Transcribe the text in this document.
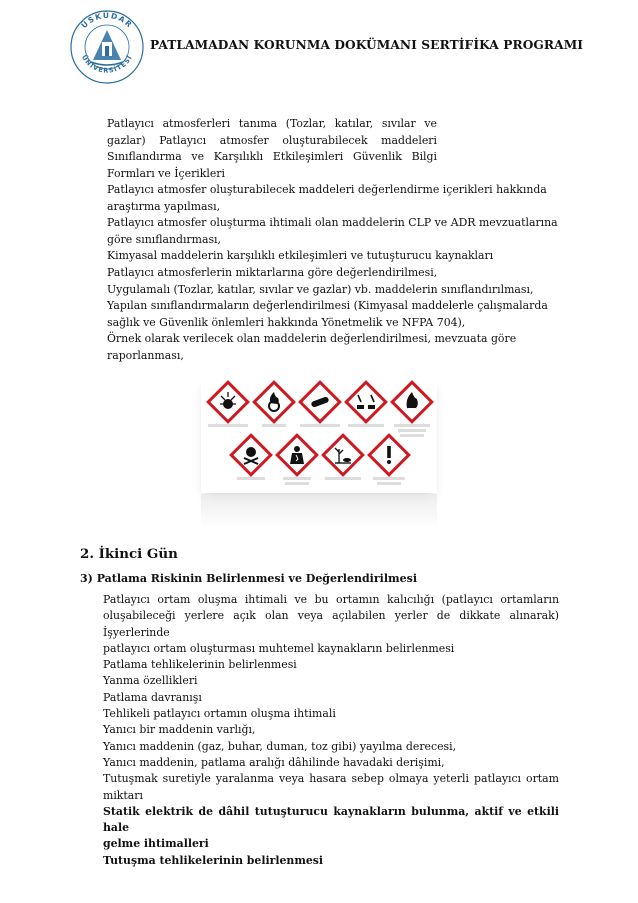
ÜSKÜDAR
ÜNİVERSİTESİ
PATLAMADAN KORUNMA DOKÜMANI SERTİFİKA PROGRAMI
Patlayıcı atmosferleri tanıma (Tozlar, katılar, sıvılar ve
gazlar) Patlayıcı atmosfer oluşturabilecek maddeleri
Sınıflandırma ve Karşılıklı Etkileşimleri Güvenlik Bilgi
Formları ve İçerikleri
Patlayıcı atmosfer oluşturabilecek maddeleri değerlendirme içerikleri hakkında
araştırma yapılması,
Patlayıcı atmosfer oluşturma ihtimali olan maddelerin CLP ve ADR mevzuatlarına
göre sınıflandırması,
Kimyasal maddelerin karşılıklı etkileşimleri ve tutuşturucu kaynakları
Patlayıcı atmosferlerin miktarlarına göre değerlendirilmesi,
Uygulamalı (Tozlar, katılar, sıvılar ve gazlar) vb. maddelerin sınıflandırılması,
Yapılan sınıflandırmaların değerlendirilmesi (Kimyasal maddelerle çalışmalarda
sağlık ve Güvenlik önlemleri hakkında Yönetmelik ve NFPA 704),
Örnek olarak verilecek olan maddelerin değerlendirilmesi, mevzuata göre
raporlanması,
2. İkinci Gün
3) Patlama Riskinin Belirlenmesi ve Değerlendirilmesi
Patlayıcı ortam oluşma ihtimali ve bu ortamın kalıcılığı (patlayıcı ortamların
oluşabileceği yerlere açık olan veya açılabilen yerler de dikkate alınarak) İşyerlerinde
patlayıcı ortam oluşturması muhtemel kaynakların belirlenmesi
Patlama tehlikelerinin belirlenmesi
Yanma özellikleri
Patlama davranışı
Tehlikeli patlayıcı ortamın oluşma ihtimali
Yanıcı bir maddenin varlığı,
Yanıcı maddenin (gaz, buhar, duman, toz gibi) yayılma derecesi,
Yanıcı maddenin, patlama aralığı dâhilinde havadaki derişimi,
Tutuşmak suretiyle yaralanma veya hasara sebep olmaya yeterli patlayıcı ortam
miktarı
Statik elektrik de dâhil tutuşturucu kaynakların bulunma, aktif ve etkili hale
gelme ihtimalleri
Tutuşma tehlikelerinin belirlenmesi
